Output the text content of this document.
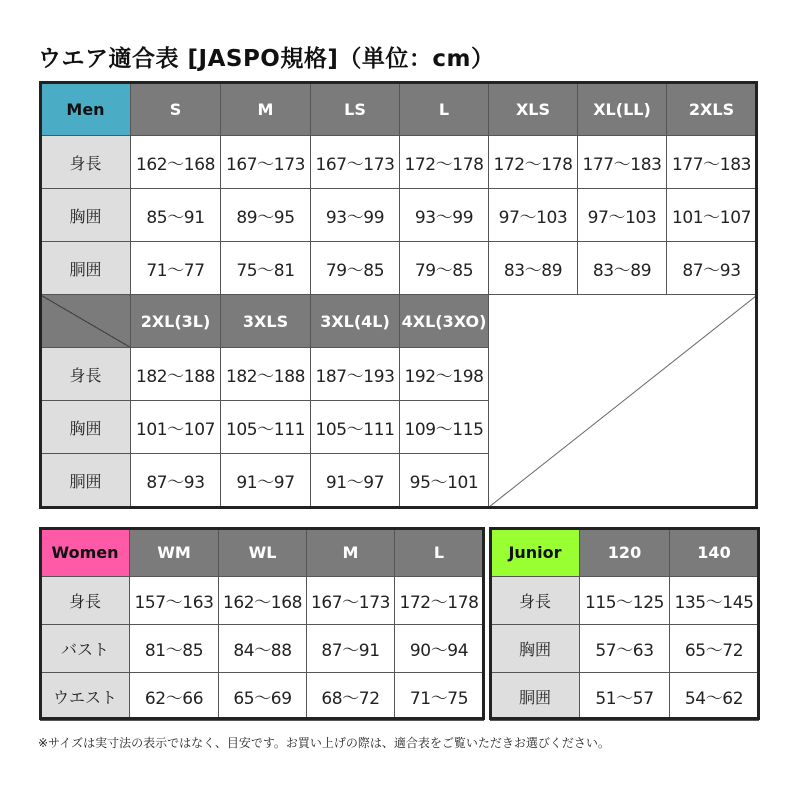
ウエア適合表 [JASPO規格]（単位：cm）
Men	S	M	LS	L	XLS	XL(LL)	2XLS
身長	162〜168	167〜173	167〜173	172〜178	172〜178	177〜183	177〜183
胸囲	85〜91	89〜95	93〜99	93〜99	97〜103	97〜103	101〜107
胴囲	71〜77	75〜81	79〜85	79〜85	83〜89	83〜89	87〜93
	2XL(3L)	3XLS	3XL(4L)	4XL(3XO)			
身長	182〜188	182〜188	187〜193	192〜198			
胸囲	101〜107	105〜111	105〜111	109〜115			
胴囲	87〜93	91〜97	91〜97	95〜101			
Women	WM	WL	M	L
身長	157〜163	162〜168	167〜173	172〜178
バスト	81〜85	84〜88	87〜91	90〜94
ウエスト	62〜66	65〜69	68〜72	71〜75
Junior	120	140
身長	115〜125	135〜145
胸囲	57〜63	65〜72
胴囲	51〜57	54〜62
※サイズは実寸法の表示ではなく、目安です。お買い上げの際は、適合表をご覧いただきお選びください。
